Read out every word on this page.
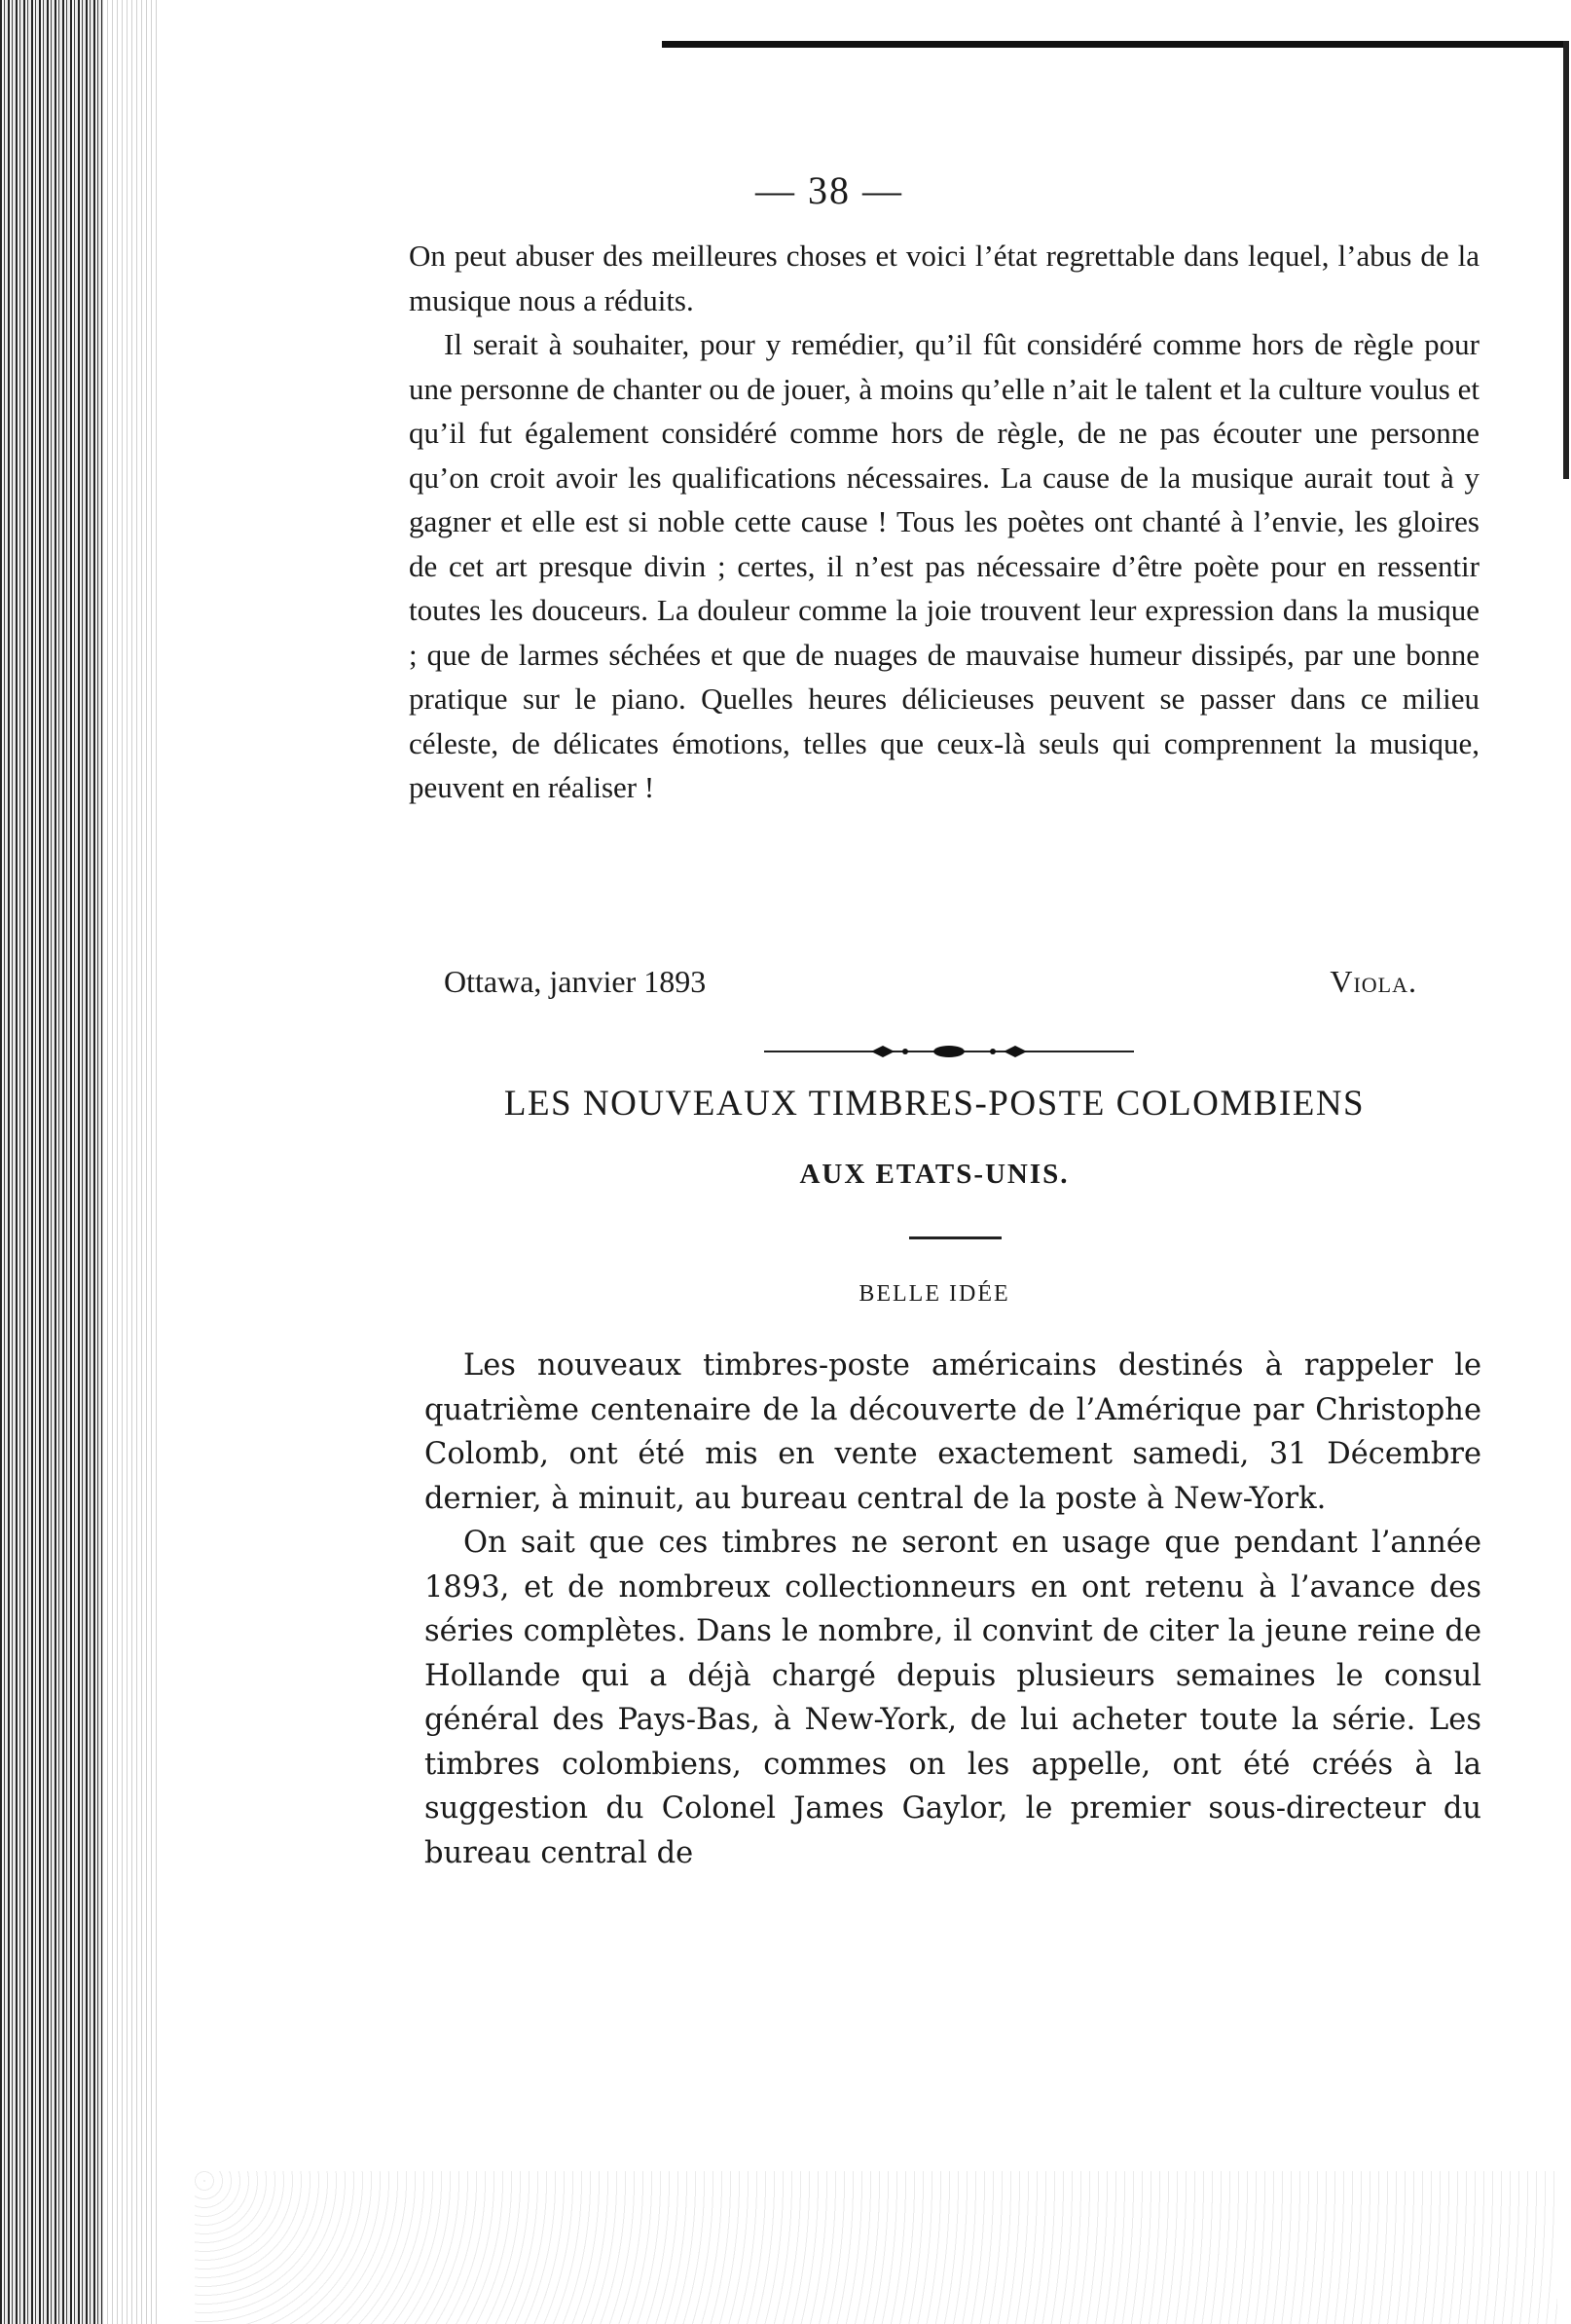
— 38 —

On peut abuser des meilleures choses et voici l’état regrettable dans lequel, l’abus de la musique nous a réduits.

Il serait à souhaiter, pour y remédier, qu’il fût considéré comme hors de règle pour une personne de chanter ou de jouer, à moins qu’elle n’ait le talent et la culture voulus et qu’il fut également considéré comme hors de règle, de ne pas écouter une personne qu’on croit avoir les qualifications nécessaires. La cause de la musique aurait tout à y gagner et elle est si noble cette cause ! Tous les poètes ont chanté à l’envie, les gloires de cet art presque divin ; certes, il n’est pas nécessaire d’être poète pour en ressentir toutes les douceurs. La douleur comme la joie trouvent leur expression dans la musique ; que de larmes séchées et que de nuages de mauvaise humeur dissipés, par une bonne pratique sur le piano. Quelles heures délicieuses peuvent se passer dans ce milieu céleste, de délicates émotions, telles que ceux-là seuls qui comprennent la musique, peuvent en réaliser !

Ottawa, janvier 1893	Viola.
LES NOUVEAUX TIMBRES-POSTE COLOMBIENS
AUX ETATS-UNIS.
BELLE IDÉE

Les nouveaux timbres-poste américains destinés à rappeler le quatrième centenaire de la découverte de l’Amérique par Christophe Colomb, ont été mis en vente exactement samedi, 31 Décembre dernier, à minuit, au bureau central de la poste à New-York.

On sait que ces timbres ne seront en usage que pendant l’année 1893, et de nombreux collectionneurs en ont retenu à l’avance des séries complètes. Dans le nombre, il convint de citer la jeune reine de Hollande qui a déjà chargé depuis plusieurs semaines le consul général des Pays-Bas, à New-York, de lui acheter toute la série. Les timbres colombiens, commes on les appelle, ont été créés à la suggestion du Colonel James Gaylor, le premier sous-directeur du bureau central de
